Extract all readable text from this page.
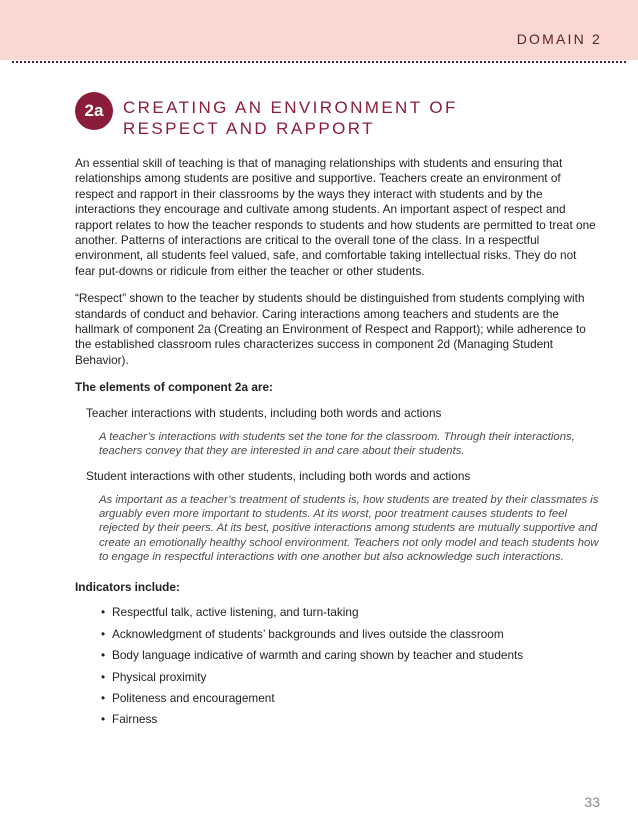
DOMAIN 2
2a	CREATING AN ENVIRONMENT OF RESPECT AND RAPPORT

An essential skill of teaching is that of managing relationships with students and ensuring that relationships among students are positive and supportive. Teachers create an environment of respect and rapport in their classrooms by the ways they interact with students and by the interactions they encourage and cultivate among students. An important aspect of respect and rapport relates to how the teacher responds to students and how students are permitted to treat one another. Patterns of interactions are critical to the overall tone of the class. In a respectful environment, all students feel valued, safe, and comfortable taking intellectual risks. They do not fear put-downs or ridicule from either the teacher or other students.

“Respect” shown to the teacher by students should be distinguished from students complying with standards of conduct and behavior. Caring interactions among teachers and students are the hallmark of component 2a (Creating an Environment of Respect and Rapport); while adherence to the established classroom rules characterizes success in component 2d (Managing Student Behavior).

The elements of component 2a are:
Teacher interactions with students, including both words and actions
A teacher’s interactions with students set the tone for the classroom. Through their interactions, teachers convey that they are interested in and care about their students.
Student interactions with other students, including both words and actions
As important as a teacher’s treatment of students is, how students are treated by their classmates is arguably even more important to students. At its worst, poor treatment causes students to feel rejected by their peers. At its best, positive interactions among students are mutually supportive and create an emotionally healthy school environment. Teachers not only model and teach students how to engage in respectful interactions with one another but also acknowledge such interactions.
Indicators include:
• Respectful talk, active listening, and turn-taking
• Acknowledgment of students’ backgrounds and lives outside the classroom
• Body language indicative of warmth and caring shown by teacher and students
• Physical proximity
• Politeness and encouragement
• Fairness
33
